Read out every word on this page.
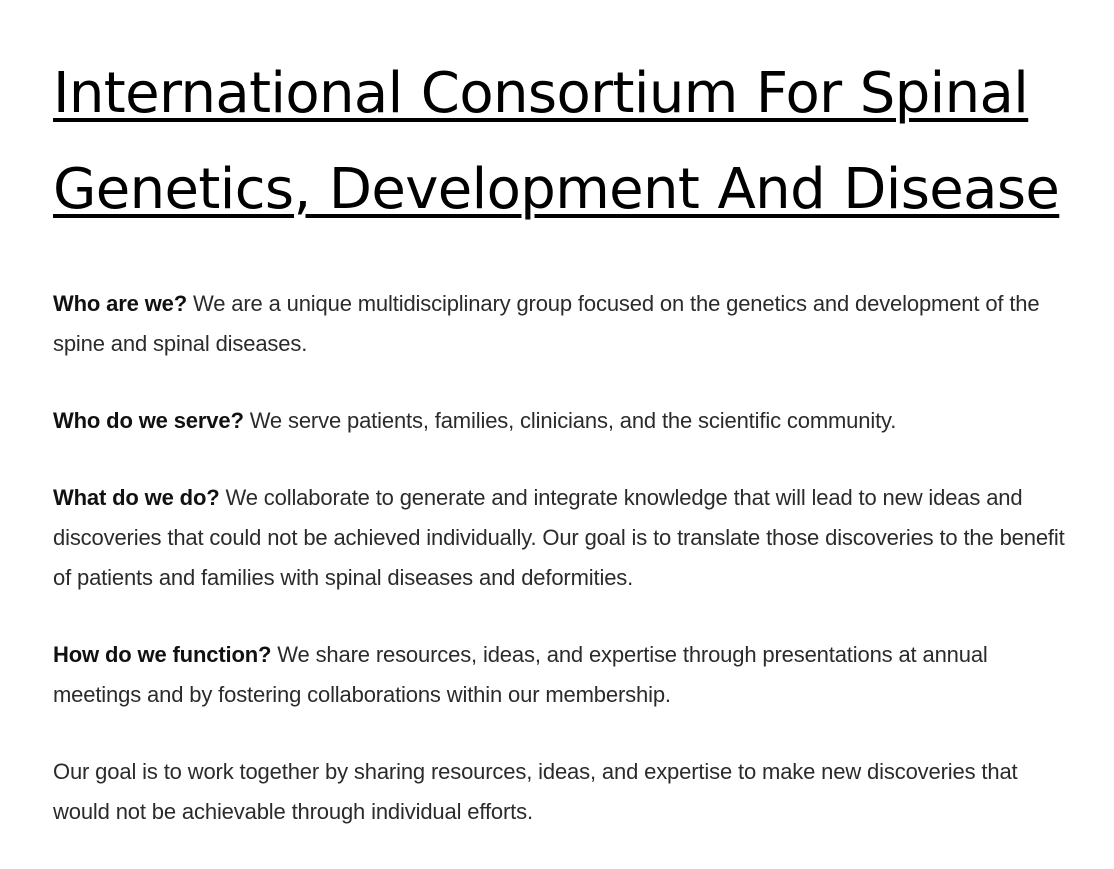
International Consortium For Spinal Genetics, Development And Disease

Who are we? We are a unique multidisciplinary group focused on the genetics and development of the spine and spinal diseases.

Who do we serve? We serve patients, families, clinicians, and the scientific community.

What do we do? We collaborate to generate and integrate knowledge that will lead to new ideas and discoveries that could not be achieved individually. Our goal is to translate those discoveries to the benefit of patients and families with spinal diseases and deformities.

How do we function? We share resources, ideas, and expertise through presentations at annual meetings and by fostering collaborations within our membership.

Our goal is to work together by sharing resources, ideas, and expertise to make new discoveries that would not be achievable through individual efforts.
